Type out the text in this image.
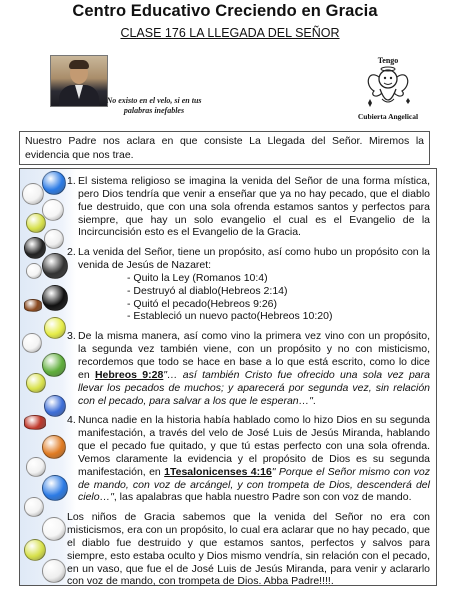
Centro Educativo Creciendo en Gracia
CLASE 176 LA LLEGADA DEL SEÑOR
No existo en el velo, si en tus palabras inefables
Tengo
Cubierta Angelical
Nuestro Padre nos aclara en que consiste La Llegada del Señor. Miremos la evidencia que nos trae.
1. El sistema religioso se imagina la venida del Señor de una forma mística, pero Dios tendría que venir a enseñar que ya no hay pecado, que el diablo fue destruido, que con una sola ofrenda estamos santos y perfectos para siempre, que hay un solo evangelio el cual es el Evangelio de la Incircuncisión esto es el Evangelio de la Gracia.
2. La venida del Señor, tiene un propósito, así como hubo un propósito con la venida de Jesús de Nazaret:
- Quito la Ley (Romanos 10:4)
- Destruyó al diablo(Hebreos 2:14)
- Quitó el pecado(Hebreos 9:26)
- Estableció un nuevo pacto(Hebreos 10:20)
3. De la misma manera, así como vino la primera vez vino con un propósito, la segunda vez también viene, con un propósito y no con misticismo, recordemos que todo se hace en base a lo que está escrito, como lo dice en Hebreos 9:28"… así también Cristo fue ofrecido una sola vez para llevar los pecados de muchos; y aparecerá por segunda vez, sin relación con el pecado, para salvar a los que le esperan…".
4. Nunca nadie en la historia había hablado como lo hizo Dios en su segunda manifestación, a través del velo de José Luis de Jesús Miranda, hablando que el pecado fue quitado, y que tú estas perfecto con una sola ofrenda. Vemos claramente la evidencia y el propósito de Dios es su segunda manifestación, en 1Tesalonicenses 4:16" Porque el Señor mismo con voz de mando, con voz de arcángel, y con trompeta de Dios, descenderá del cielo…", las apalabras que habla nuestro Padre son con voz de mando.

Los niños de Gracia sabemos que la venida del Señor no era con misticismos, era con un propósito, lo cual era aclarar que no hay pecado, que el diablo fue destruido y que estamos santos, perfectos y salvos para siempre, esto estaba oculto y Dios mismo vendría, sin relación con el pecado, en un vaso, que fue el de José Luis de Jesús Miranda, para venir y aclararlo con voz de mando, con trompeta de Dios. Abba Padre!!!!.
